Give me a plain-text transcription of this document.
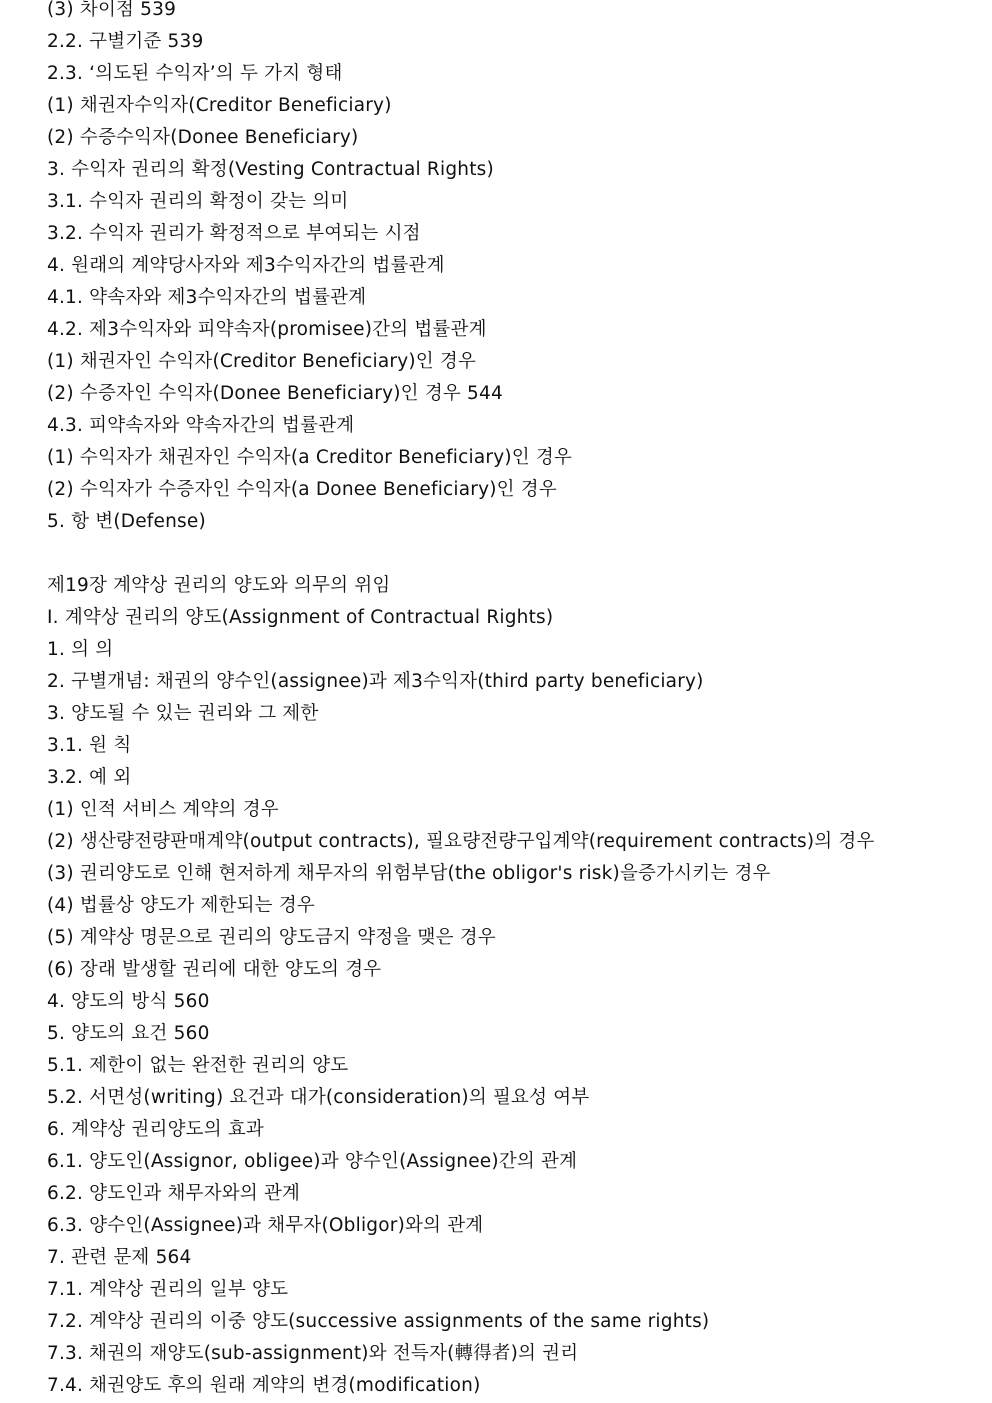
(3) 차이점 539
2.2. 구별기준 539
2.3. ‘의도된 수익자’의 두 가지 형태
(1) 채권자수익자(Creditor Beneficiary)
(2) 수증수익자(Donee Beneficiary)
3. 수익자 권리의 확정(Vesting Contractual Rights)
3.1. 수익자 권리의 확정이 갖는 의미
3.2. 수익자 권리가 확정적으로 부여되는 시점
4. 원래의 계약당사자와 제3수익자간의 법률관계
4.1. 약속자와 제3수익자간의 법률관계
4.2. 제3수익자와 피약속자(promisee)간의 법률관계
(1) 채권자인 수익자(Creditor Beneficiary)인 경우
(2) 수증자인 수익자(Donee Beneficiary)인 경우 544
4.3. 피약속자와 약속자간의 법률관계
(1) 수익자가 채권자인 수익자(a Creditor Beneficiary)인 경우
(2) 수익자가 수증자인 수익자(a Donee Beneficiary)인 경우
5. 항 변(Defense)
제19장 계약상 권리의 양도와 의무의 위임
Ⅰ. 계약상 권리의 양도(Assignment of Contractual Rights)
1. 의 의
2. 구별개념: 채권의 양수인(assignee)과 제3수익자(third party beneficiary)
3. 양도될 수 있는 권리와 그 제한
3.1. 원 칙
3.2. 예 외
(1) 인적 서비스 계약의 경우
(2) 생산량전량판매계약(output contracts), 필요량전량구입계약(requirement contracts)의 경우
(3) 권리양도로 인해 현저하게 채무자의 위험부담(the obligor's risk)을증가시키는 경우
(4) 법률상 양도가 제한되는 경우
(5) 계약상 명문으로 권리의 양도금지 약정을 맺은 경우
(6) 장래 발생할 권리에 대한 양도의 경우
4. 양도의 방식 560
5. 양도의 요건 560
5.1. 제한이 없는 완전한 권리의 양도
5.2. 서면성(writing) 요건과 대가(consideration)의 필요성 여부
6. 계약상 권리양도의 효과
6.1. 양도인(Assignor, obligee)과 양수인(Assignee)간의 관계
6.2. 양도인과 채무자와의 관계
6.3. 양수인(Assignee)과 채무자(Obligor)와의 관계
7. 관련 문제 564
7.1. 계약상 권리의 일부 양도
7.2. 계약상 권리의 이중 양도(successive assignments of the same rights)
7.3. 채권의 재양도(sub-assignment)와 전득자(轉得者)의 권리
7.4. 채권양도 후의 원래 계약의 변경(modification)
